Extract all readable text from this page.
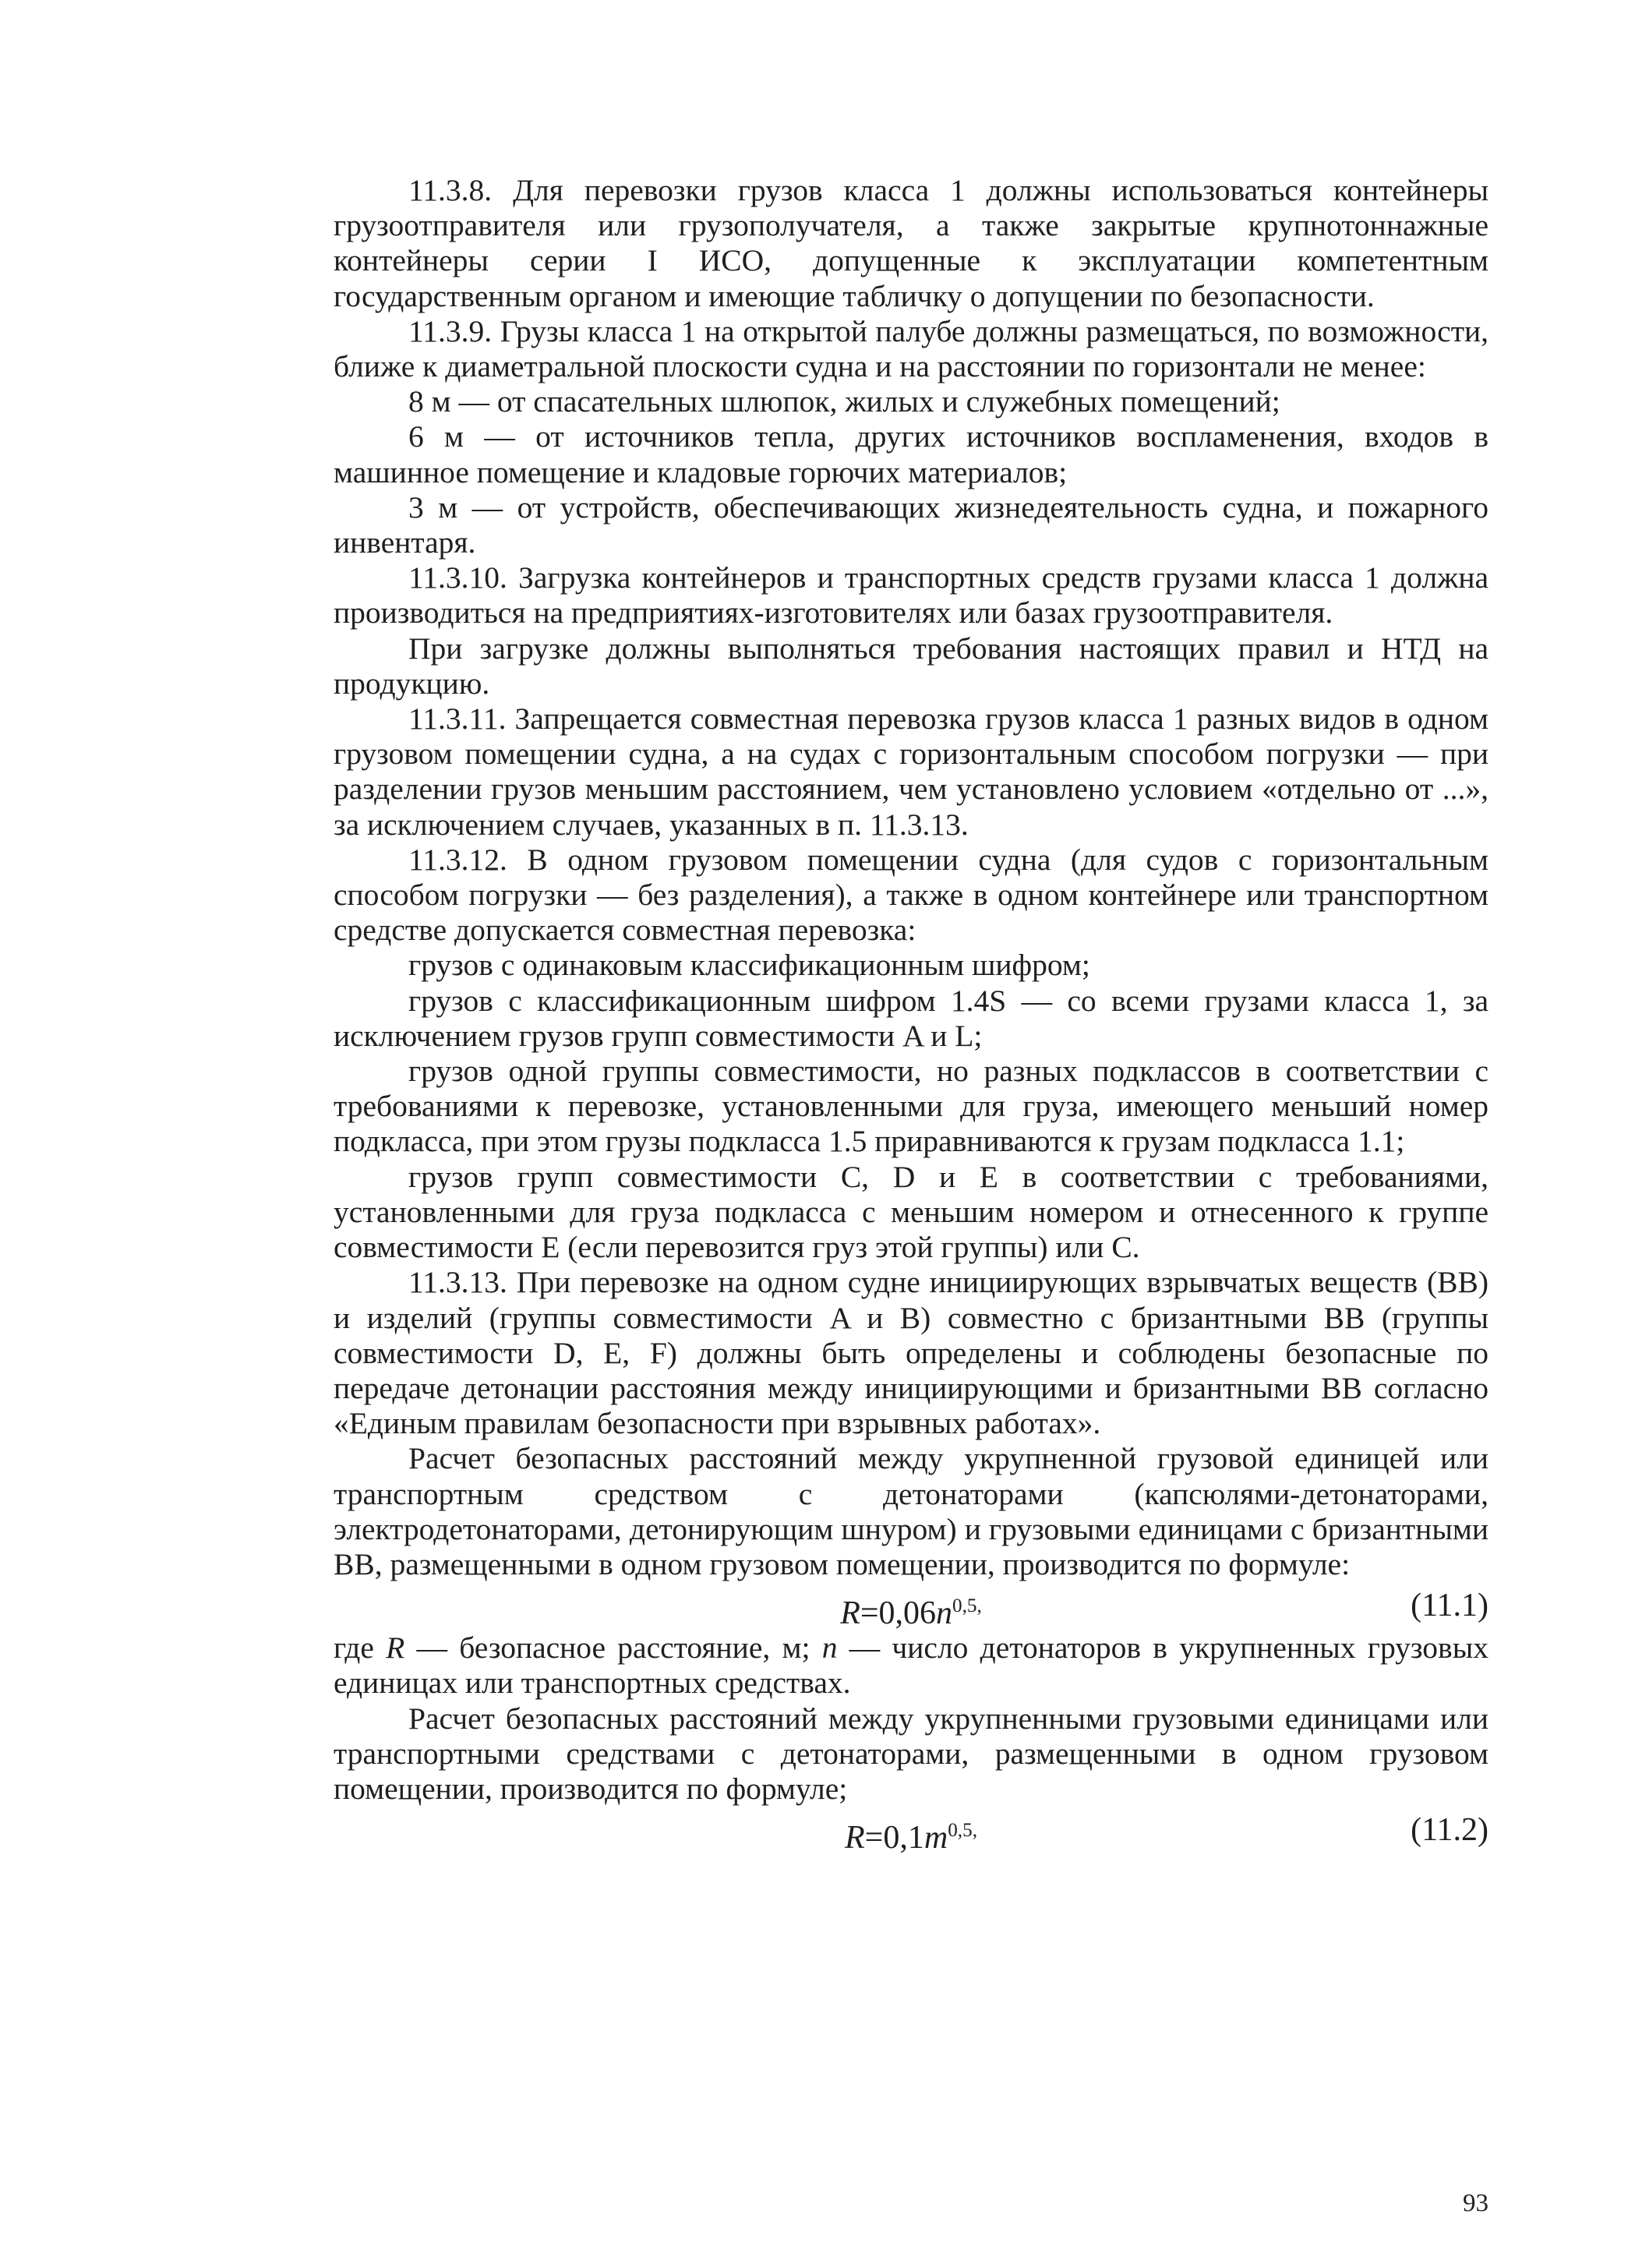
11.3.8. Для перевозки грузов класса 1 должны использоваться контейнеры грузоотправителя или грузополучателя, а также закрытые крупнотоннажные контейнеры серии I ИСО, допущенные к эксплуатации компетентным государственным органом и имеющие табличку о допущении по безопасности.

11.3.9. Грузы класса 1 на открытой палубе должны размещаться, по возможности, ближе к диаметральной плоскости судна и на расстоянии по горизонтали не менее:

8 м — от спасательных шлюпок, жилых и служебных помещений;

6 м — от источников тепла, других источников воспламенения, входов в машинное помещение и кладовые горючих материалов;

3 м — от устройств, обеспечивающих жизнедеятельность судна, и пожарного инвентаря.

11.3.10. Загрузка контейнеров и транспортных средств грузами класса 1 должна производиться на предприятиях-изготовителях или базах грузоотправителя.

При загрузке должны выполняться требования настоящих правил и НТД на продукцию.

11.3.11. Запрещается совместная перевозка грузов класса 1 разных видов в одном грузовом помещении судна, а на судах с горизонтальным способом погрузки — при разделении грузов меньшим расстоянием, чем установлено условием «отдельно от ...», за исключением случаев, указанных в п. 11.3.13.

11.3.12. В одном грузовом помещении судна (для судов с горизонтальным способом погрузки — без разделения), а также в одном контейнере или транспортном средстве допускается совместная перевозка:

грузов с одинаковым классификационным шифром;

грузов с классификационным шифром 1.4S — со всеми грузами класса 1, за исключением грузов групп совместимости A и L;

грузов одной группы совместимости, но разных подклассов в соответствии с требованиями к перевозке, установленными для груза, имеющего меньший номер подкласса, при этом грузы подкласса 1.5 приравниваются к грузам подкласса 1.1;

грузов групп совместимости C, D и E в соответствии с требованиями, установленными для груза подкласса с меньшим номером и отнесенного к группе совместимости E (если перевозится груз этой группы) или C.

11.3.13. При перевозке на одном судне инициирующих взрывчатых веществ (ВВ) и изделий (группы совместимости A и B) совместно с бризантными ВВ (группы совместимости D, E, F) должны быть определены и соблюдены безопасные по передаче детонации расстояния между инициирующими и бризантными ВВ согласно «Единым правилам безопасности при взрывных работах».

Расчет безопасных расстояний между укрупненной грузовой единицей или транспортным средством с детонаторами (капсюлями-детонаторами, электродетонаторами, детонирующим шнуром) и грузовыми единицами с бризантными ВВ, размещенными в одном грузовом помещении, производится по формуле:

$R=0,06n^{0,5,}$	(11.1)

где R — безопасное расстояние, м; n — число детонаторов в укрупненных грузовых единицах или транспортных средствах.

Расчет безопасных расстояний между укрупненными грузовыми единицами или транспортными средствами с детонаторами, размещенными в одном грузовом помещении, производится по формуле;

$R=0,1m^{0,5,}$	(11.2)
93
